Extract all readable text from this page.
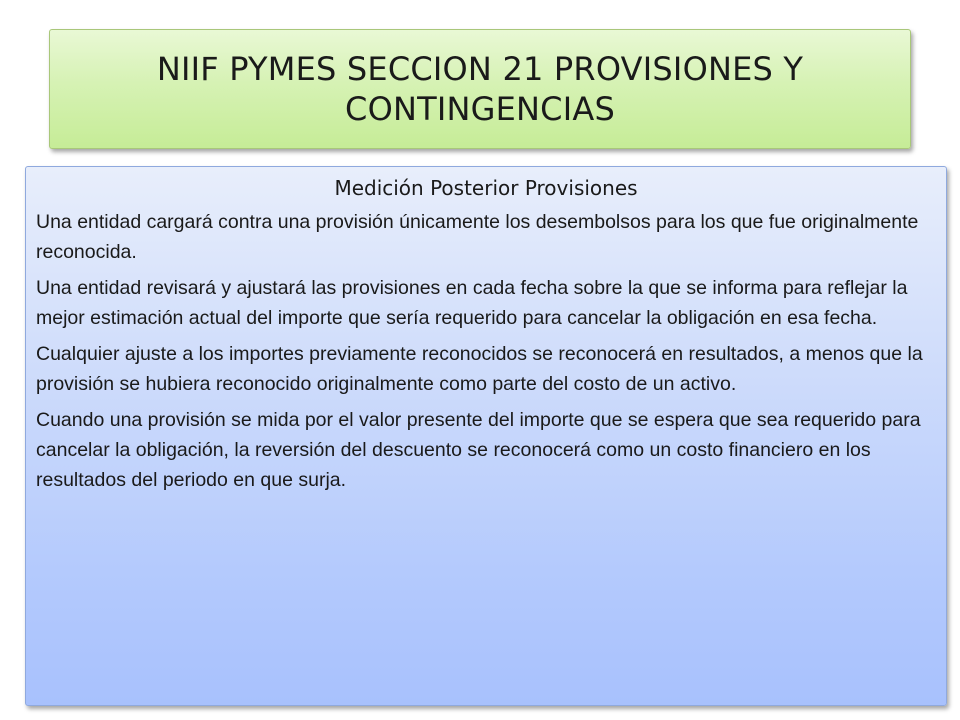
NIIF PYMES SECCION 21 PROVISIONES Y CONTINGENCIAS
Medición Posterior Provisiones

Una entidad cargará contra una provisión únicamente los desembolsos para los que fue originalmente reconocida.

Una entidad revisará y ajustará las provisiones en cada fecha sobre la que se informa para reflejar la mejor estimación actual del importe que sería requerido para cancelar la obligación en esa fecha.

Cualquier ajuste a los importes previamente reconocidos se reconocerá en resultados, a menos que la provisión se hubiera reconocido originalmente como parte del costo de un activo.

Cuando una provisión se mida por el valor presente del importe que se espera que sea requerido para cancelar la obligación, la reversión del descuento se reconocerá como un costo financiero en los resultados del periodo en que surja.
